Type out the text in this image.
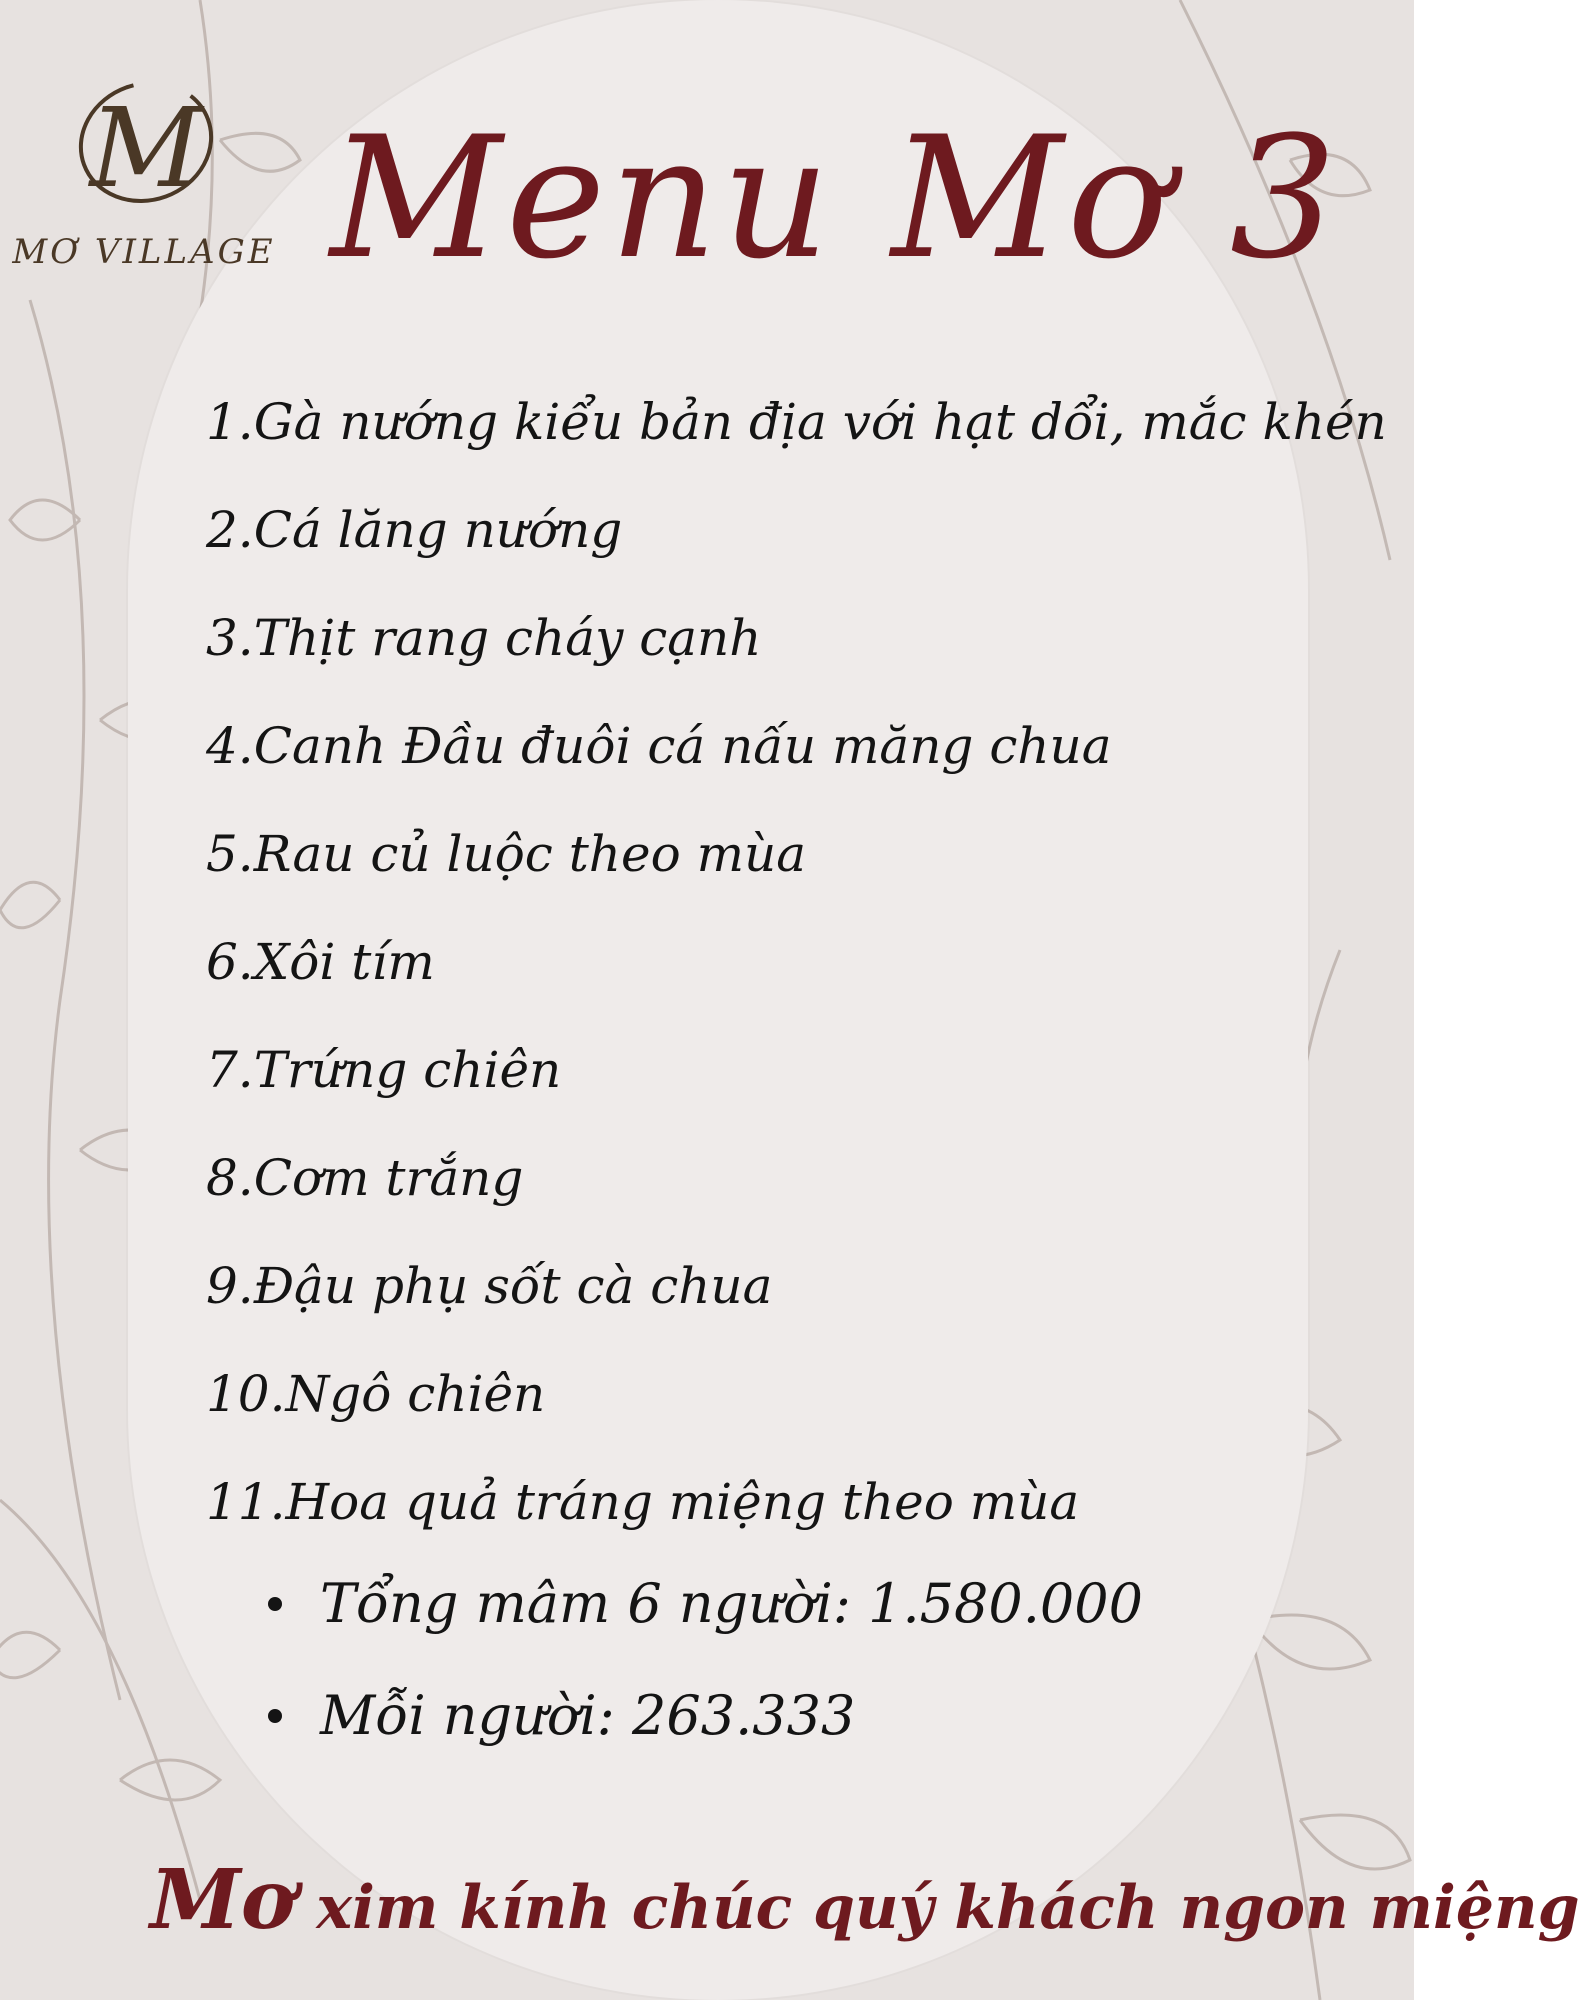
M
MƠ VILLAGE Menu Mơ 3
1.Gà nướng kiểu bản địa với hạt dổi, mắc khén
2.Cá lăng nướng
3.Thịt rang cháy cạnh
4.Canh Đầu đuôi cá nấu măng chua
5.Rau củ luộc theo mùa
6.Xôi tím
7.Trứng chiên
8.Cơm trắng
9.Đậu phụ sốt cà chua
10.Ngô chiên
11.Hoa quả tráng miệng theo mùa
Tổng mâm 6 người: 1.580.000
Mỗi người: 263.333
Mơ xim kính chúc quý khách ngon miệng
